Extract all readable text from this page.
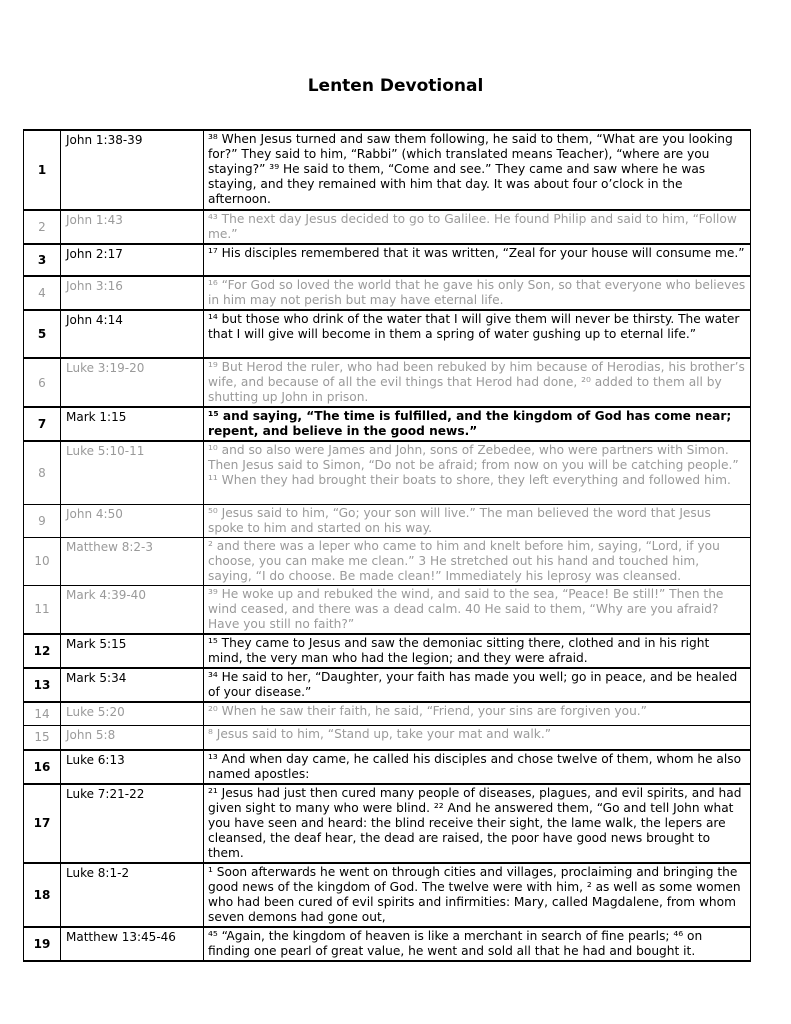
Lenten Devotional
1	John 1:38-39	³⁸ When Jesus turned and saw them following, he said to them, “What are you looking for?” They said to him, “Rabbi” (which translated means Teacher), “where are you staying?” ³⁹ He said to them, “Come and see.” They came and saw where he was staying, and they remained with him that day. It was about four o’clock in the afternoon.
2	John 1:43	⁴³ The next day Jesus decided to go to Galilee. He found Philip and said to him, “Follow me.”
3	John 2:17	¹⁷ His disciples remembered that it was written, “Zeal for your house will consume me.”
4	John 3:16	¹⁶ “For God so loved the world that he gave his only Son, so that everyone who believes in him may not perish but may have eternal life.
5	John 4:14	¹⁴ but those who drink of the water that I will give them will never be thirsty. The water that I will give will become in them a spring of water gushing up to eternal life.”
6	Luke 3:19-20	¹⁹ But Herod the ruler, who had been rebuked by him because of Herodias, his brother’s wife, and because of all the evil things that Herod had done, ²⁰ added to them all by shutting up John in prison.
7	Mark 1:15	¹⁵ and saying, “The time is fulfilled, and the kingdom of God has come near; repent, and believe in the good news.”
8	Luke 5:10-11	¹⁰ and so also were James and John, sons of Zebedee, who were partners with Simon. Then Jesus said to Simon, “Do not be afraid; from now on you will be catching people.” ¹¹ When they had brought their boats to shore, they left everything and followed him.
9	John 4:50	⁵⁰ Jesus said to him, “Go; your son will live.” The man believed the word that Jesus spoke to him and started on his way.
10	Matthew 8:2-3	² and there was a leper who came to him and knelt before him, saying, “Lord, if you choose, you can make me clean.” 3 He stretched out his hand and touched him, saying, “I do choose. Be made clean!” Immediately his leprosy was cleansed.
11	Mark 4:39-40	³⁹ He woke up and rebuked the wind, and said to the sea, “Peace! Be still!” Then the wind ceased, and there was a dead calm. 40 He said to them, “Why are you afraid? Have you still no faith?”
12	Mark 5:15	¹⁵ They came to Jesus and saw the demoniac sitting there, clothed and in his right mind, the very man who had the legion; and they were afraid.
13	Mark 5:34	³⁴ He said to her, “Daughter, your faith has made you well; go in peace, and be healed of your disease.”
14	Luke 5:20	²⁰ When he saw their faith, he said, “Friend, your sins are forgiven you.”
15	John 5:8	⁸ Jesus said to him, “Stand up, take your mat and walk.”
16	Luke 6:13	¹³ And when day came, he called his disciples and chose twelve of them, whom he also named apostles:
17	Luke 7:21-22	²¹ Jesus had just then cured many people of diseases, plagues, and evil spirits, and had given sight to many who were blind. ²² And he answered them, “Go and tell John what you have seen and heard: the blind receive their sight, the lame walk, the lepers are cleansed, the deaf hear, the dead are raised, the poor have good news brought to them.
18	Luke 8:1-2	¹ Soon afterwards he went on through cities and villages, proclaiming and bringing the good news of the kingdom of God. The twelve were with him, ² as well as some women who had been cured of evil spirits and infirmities: Mary, called Magdalene, from whom seven demons had gone out,
19	Matthew 13:45-46	⁴⁵ “Again, the kingdom of heaven is like a merchant in search of fine pearls; ⁴⁶ on finding one pearl of great value, he went and sold all that he had and bought it.
